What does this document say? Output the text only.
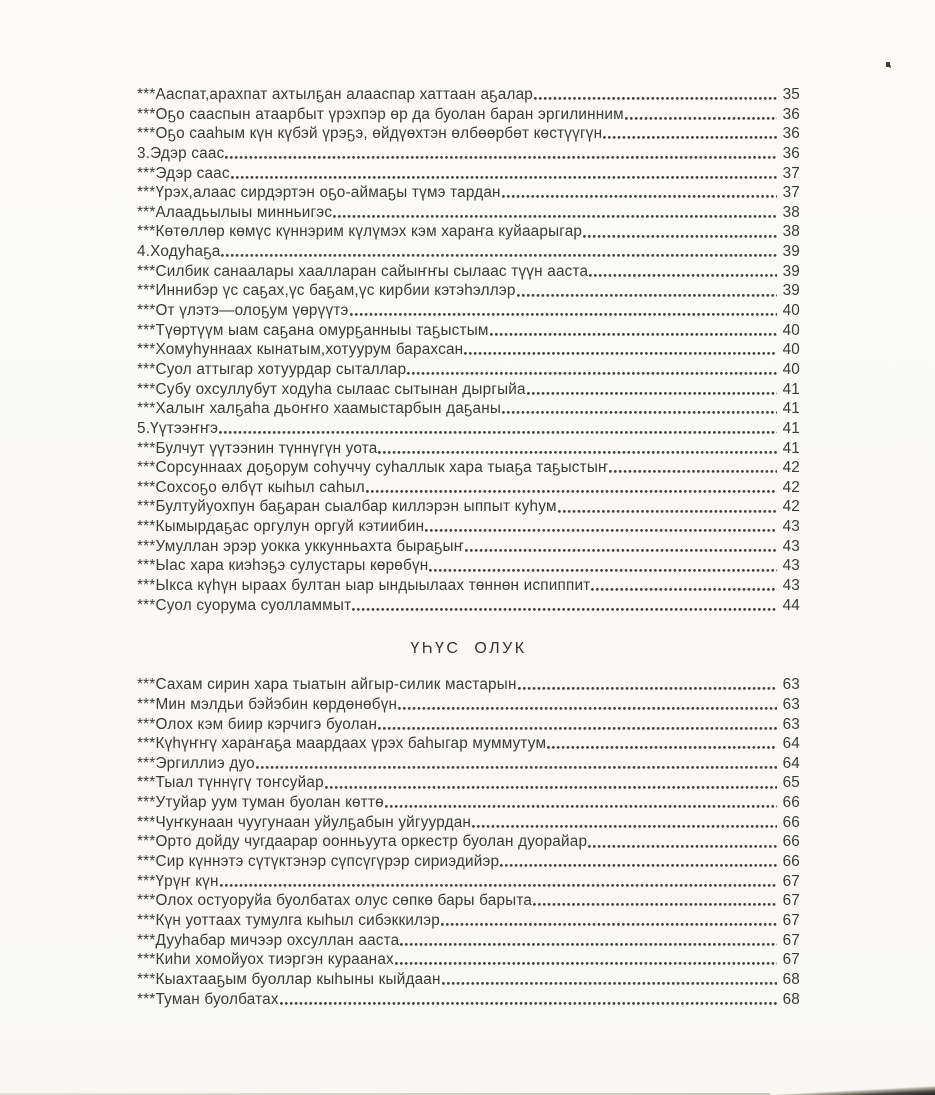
***Ааспат,арахпат ахтылҕан алааспар хаттаан аҕалар	35
***Оҕо сааспын атаарбыт үрэхпэр өр да буолан баран эргилинним	36
***Оҕо сааһым күн күбэй үрэҕэ, өйдүөхтэн өлбөөрбөт көстүүгүн	36
3.Эдэр саас	36
***Эдэр саас	37
***Үрэх,алаас сирдэртэн оҕо-аймаҕы түмэ тардан	37
***Алаадьылыы минньигэс	38
***Көтөллөр көмүс күннэрим күлүмэх кэм хараҥа куйаарыгар	38
4.Ходуһаҕа	39
***Силбик санаалары хаалларан сайыҥҥы сылаас түүн ааста	39
***Иннибэр үс саҕах,үс баҕам,үс кирбии кэтэһэллэр	39
***От үлэтэ—олоҕум үөрүүтэ	40
***Түөртүүм ыам саҕана омурҕанныы таҕыстым	40
***Хомуһуннаах кынатым,хотуурум барахсан	40
***Суол аттыгар хотуурдар сыталлар	40
***Субу охсуллубут ходуһа сылаас сытынан дыргыйа	41
***Халыҥ халҕаһа дьоҥҥо хаамыстарбын даҕаны	41
5.Үүтээҥҥэ	41
***Булчут үүтээнин түннүгүн уота	41
***Сорсуннаах доҕорум соһуччу суһаллык хара тыаҕа таҕыстыҥ	42
***Сохсоҕо өлбүт кыһыл саһыл	42
***Бултуйуохпун баҕаран сыалбар киллэрэн ыппыт куһум	42
***Кымырдаҕас оргулун оргуй кэтиибин	43
***Умуллан эрэр уокка уккунньахта быраҕыҥ	43
***Ыас хара киэһэҕэ сулустары көрөбүн	43
***Ыкса күһүн ыраах бултан ыар ындыылаах төннөн испиппит	43
***Суол суорума суолламмыт	44
ҮҺҮС ОЛУК
***Сахам сирин хара тыатын айгыр-силик мастарын	63
***Мин мэлдьи бэйэбин көрдөнөбүн	63
***Олох кэм биир кэрчигэ буолан	63
***Күһүҥҥү хараҥаҕа маардаах үрэх баһыгар муммутум	64
***Эргиллиэ дуо	64
***Тыал түннүгү тоҥсуйар	65
***Утуйар уум туман буолан көттө	66
***Чуҥкунаан чуугунаан уйулҕабын уйгуурдан	66
***Орто дойду чугдаарар оонньуута оркестр буолан дуорайар	66
***Сир күннэтэ сүтүктэнэр сүпсүгүрэр сириэдийэр	66
***Үрүҥ күн	67
***Олох остуоруйа буолбатах олус сөпкө бары барыта	67
***Күн уоттаах тумулга кыһыл сибэккилэр	67
***Дууһабар мичээр охсуллан ааста	67
***Киһи хомойуох тиэргэн кураанах	67
***Кыахтааҕым буоллар кыһыны кыйдаан	68
***Туман буолбатах	68
